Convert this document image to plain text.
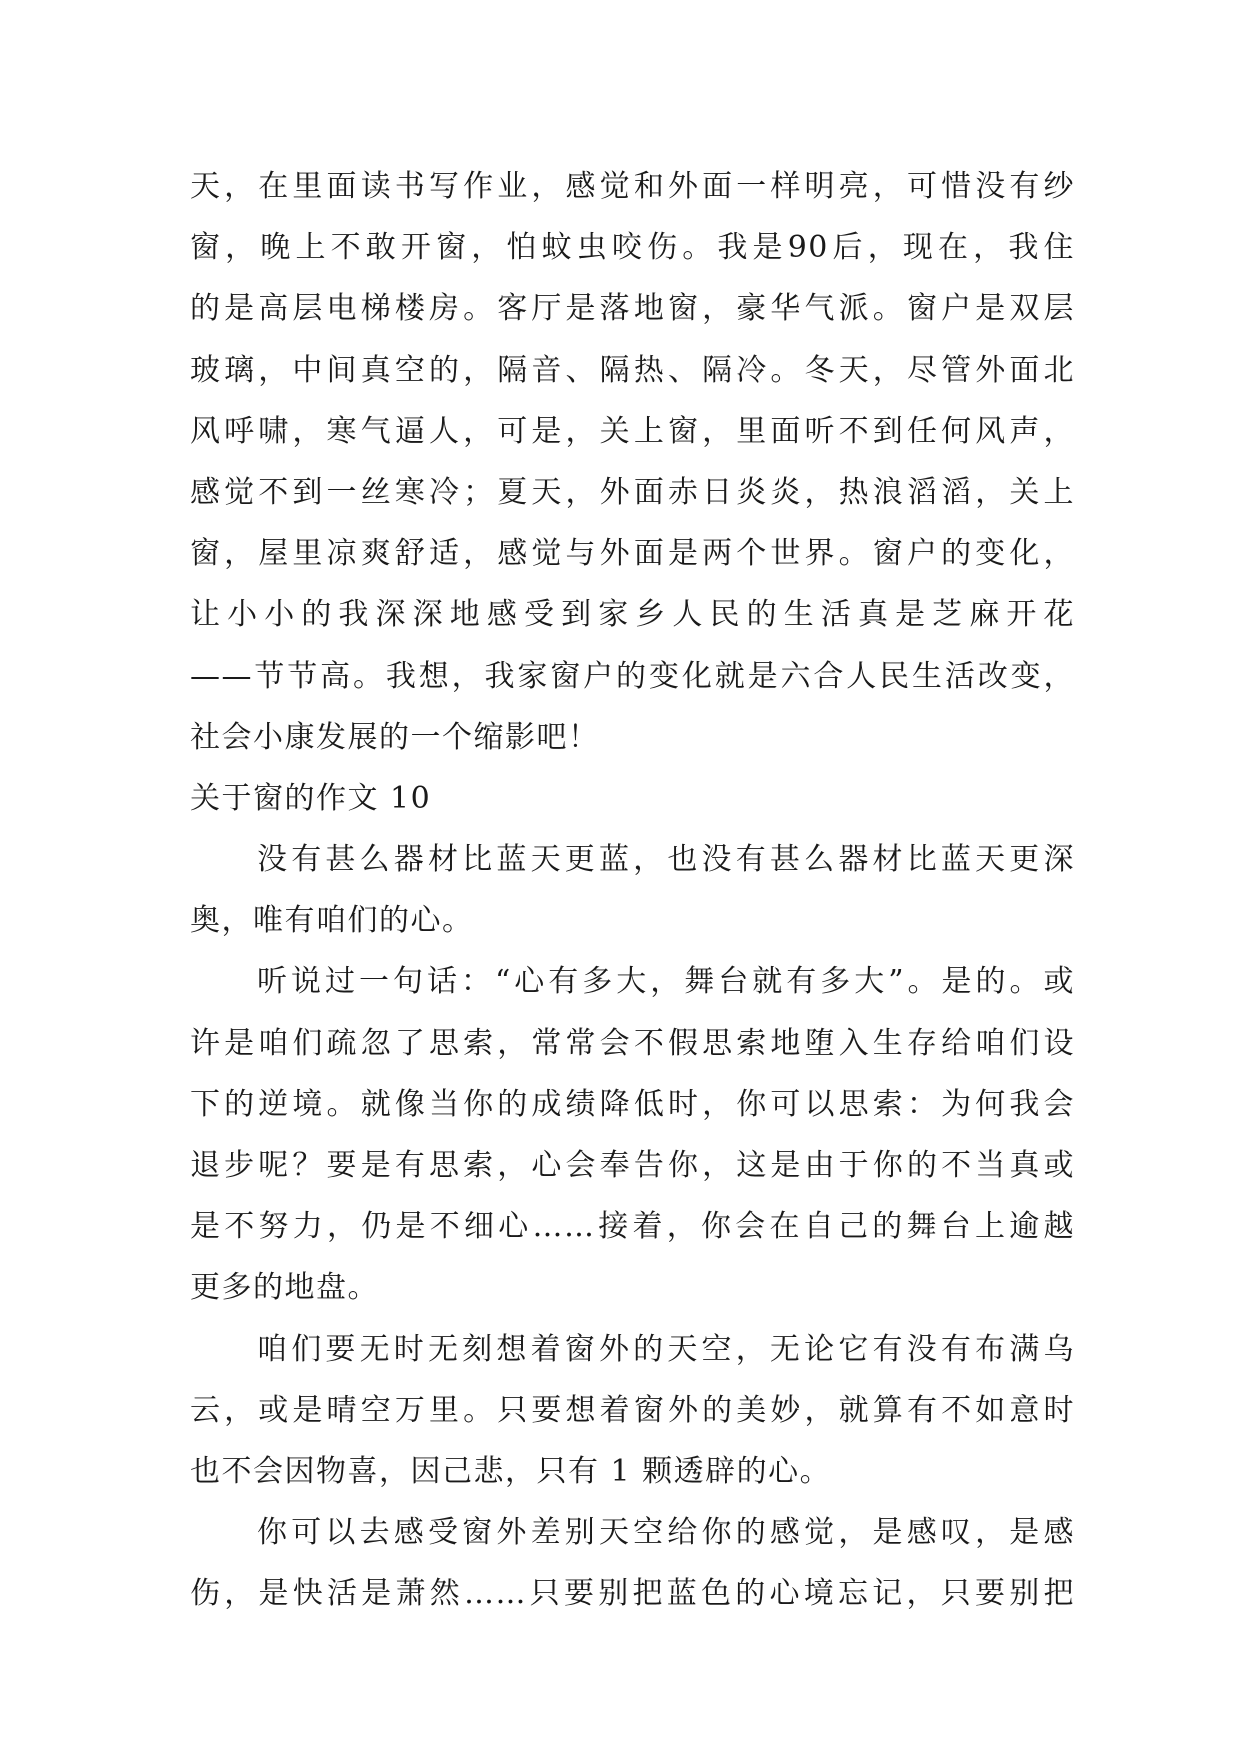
天，在里面读书写作业，感觉和外面一样明亮，可惜没有纱
窗，晚上不敢开窗，怕蚊虫咬伤。我是90后，现在，我住
的是高层电梯楼房。客厅是落地窗，豪华气派。窗户是双层
玻璃，中间真空的，隔音、隔热、隔冷。冬天，尽管外面北
风呼啸，寒气逼人，可是，关上窗，里面听不到任何风声，
感觉不到一丝寒冷；夏天，外面赤日炎炎，热浪滔滔，关上
窗，屋里凉爽舒适，感觉与外面是两个世界。窗户的变化，
让小小的我深深地感受到家乡人民的生活真是芝麻开花
——节节高。我想，我家窗户的变化就是六合人民生活改变，
社会小康发展的一个缩影吧！
关于窗的作文 10
没有甚么器材比蓝天更蓝，也没有甚么器材比蓝天更深
奥，唯有咱们的心。
听说过一句话：“心有多大，舞台就有多大”。是的。或
许是咱们疏忽了思索，常常会不假思索地堕入生存给咱们设
下的逆境。就像当你的成绩降低时，你可以思索：为何我会
退步呢？要是有思索，心会奉告你，这是由于你的不当真或
是不努力，仍是不细心……接着，你会在自己的舞台上逾越
更多的地盘。
咱们要无时无刻想着窗外的天空，无论它有没有布满乌
云，或是晴空万里。只要想着窗外的美妙，就算有不如意时
也不会因物喜，因己悲，只有 1 颗透辟的心。
你可以去感受窗外差别天空给你的感觉，是感叹，是感
伤，是快活是萧然……只要别把蓝色的心境忘记，只要别把
